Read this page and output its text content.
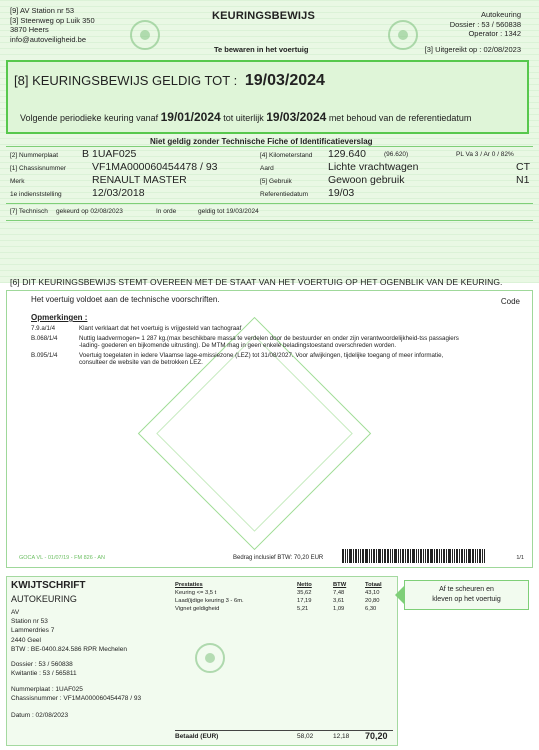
[9] AV Station nr 53
[3] Steenweg op Luik 350
3870 Heers
info@autoveiligheid.be
KEURINGSBEWIJS
Te bewaren in het voertuig
Autokeuring
Dossier : 53 / 560838
Operator : 1342
[3] Uitgereikt op : 02/08/2023
[8] KEURINGSBEWIJS GELDIG TOT : 19/03/2024
Volgende periodieke keuring vanaf 19/01/2024 tot uiterlijk 19/03/2024 met behoud van de referentiedatum
Niet geldig zonder Technische Fiche of Identificatieverslag
[2] Nummerplaat B 1UAF025
[1] Chassisnummer VF1MA000060454478 / 93
Merk	RENAULT MASTER
1e indienststelling	12/03/2018
[4] Kilometerstand 129.640	(96.620)	PL Va 3 / Ar 0 / 82%
Aard	Lichte vrachtwagen	CT
[5] Gebruik	Gewoon gebruik	N1
Referentiedatum 19/03
[7] Technisch gekeurd op 02/08/2023	In orde	geldig tot 19/03/2024
[6] DIT KEURINGSBEWIJS STEMT OVEREEN MET DE STAAT VAN HET VOERTUIG OP HET OGENBLIK VAN DE KEURING.
Het voertuig voldoet aan de technische voorschriften.	Code
Opmerkingen :
7.9.a/1/4	Klant verklaart dat het voertuig is vrijgesteld van tachograaf
B.068/1/4	Nuttig laadvermogen= 1 287 kg.(max beschikbare massa te verdelen door de bestuurder en onder zijn verantwoordelijkheid-tss passagiers -lading- goederen en bijkomende uitrusting). De MTM mag in geen enkele beladingstoestand overschreden worden.
B.095/1/4	Voertuig toegelaten in iedere Vlaamse lage-emissiezone (LEZ) tot 31/08/2027. Voor afwijkingen, tijdelijke toegang of meer informatie, consulteer de website van de betrokken LEZ.
GOCA VL - 01/07/19 - FM 826 - AN	Bedrag inclusief BTW: 70,20 EUR	1/1
KWIJTSCHRIFT
AUTOKEURING
AV
Station nr 53
Lammerdries 7
2440 Geel
BTW : BE-0400.824.586 RPR Mechelen
Dossier : 53 / 560838
Kwitantie : 53 / 565811
Nummerplaat : 1UAF025
Chassisnummer : VF1MA000060454478 / 93
Datum : 02/08/2023
Prestaties	Netto	BTW	Totaal
Keuring <= 3,5 t	35,62	7,48	43,10
Laad(ijdige keuring 3 - 6m.	17,19	3,61	20,80
Vignet geldigheid	5,21	1,09	6,30
Betaald (EUR)	58,02	12,18 70,20
Af te scheuren en
kleven op het voertuig
